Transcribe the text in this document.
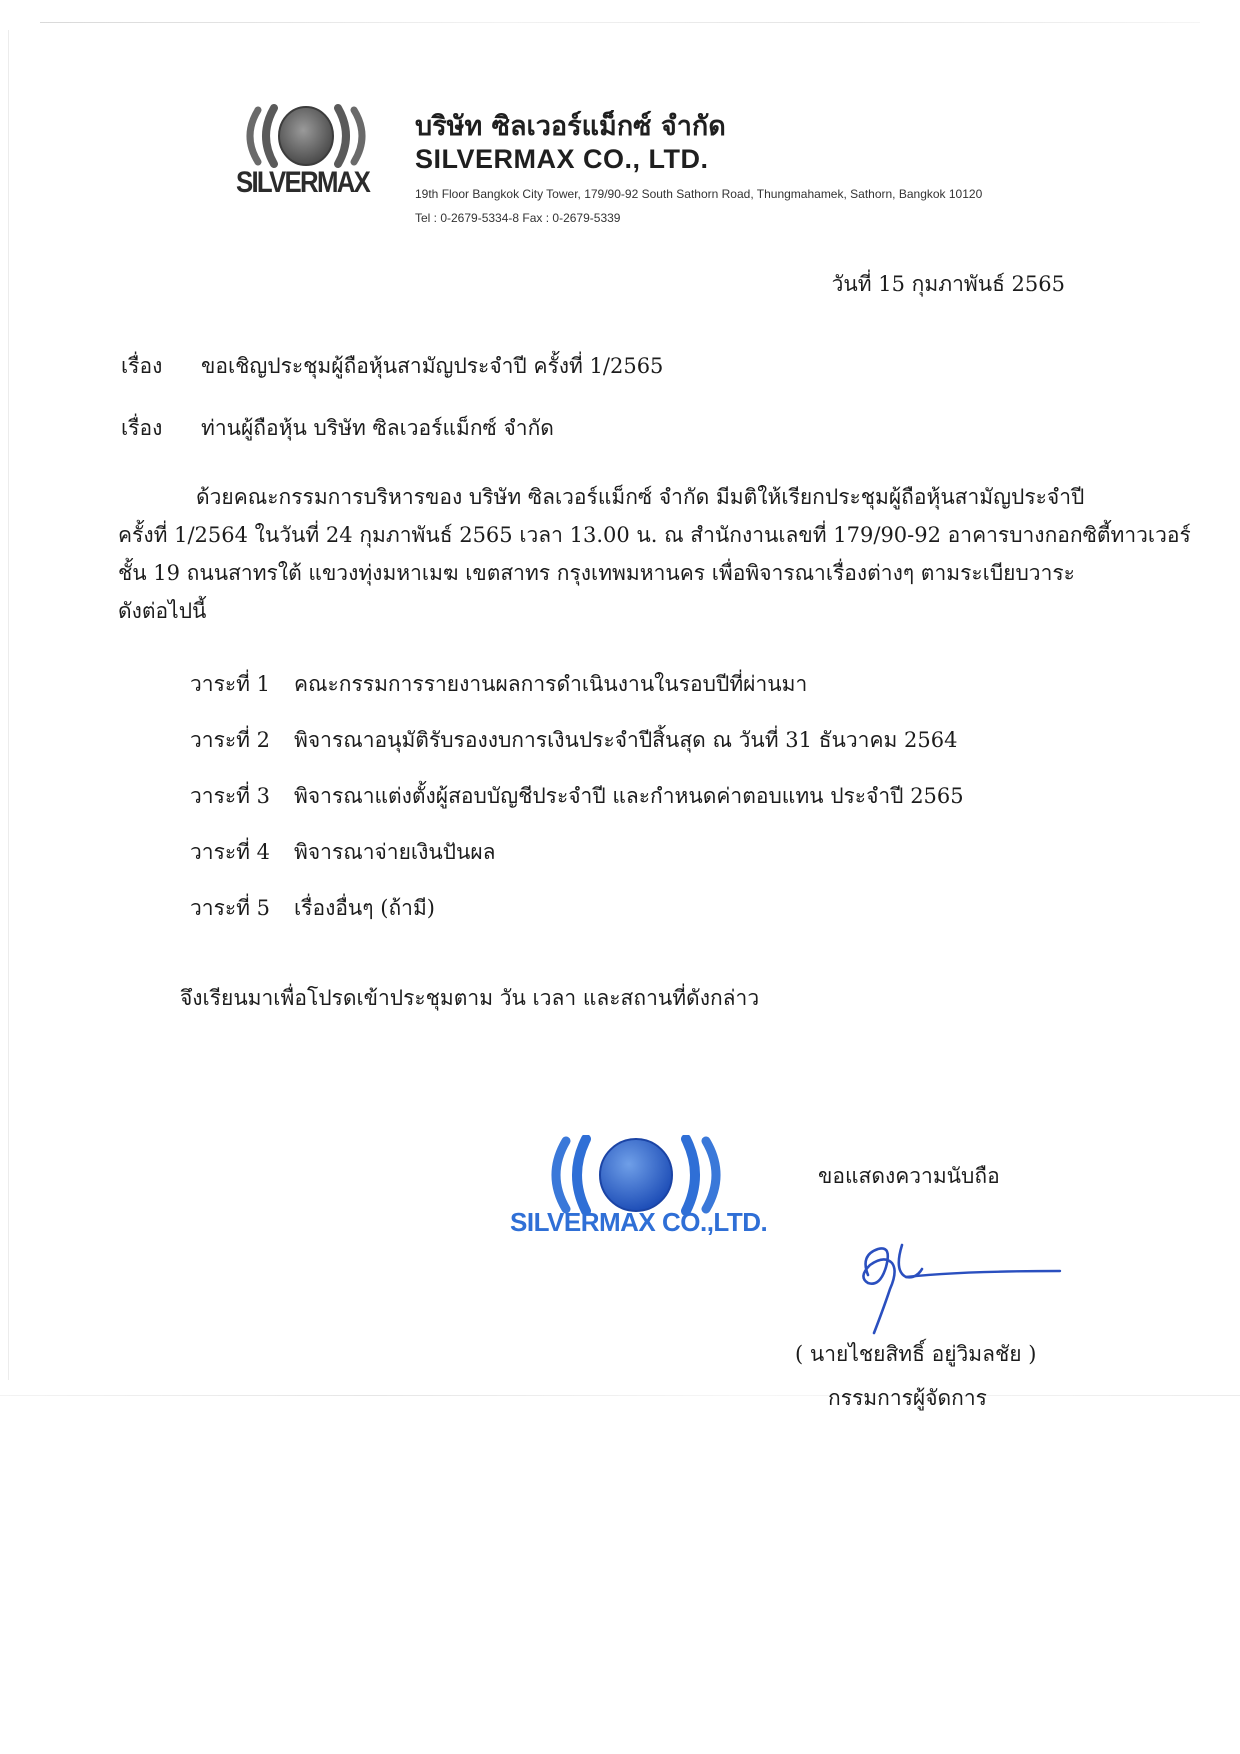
SILVERMAX
บริษัท ซิลเวอร์แม็กซ์ จำกัด
SILVERMAX CO., LTD.
19th Floor Bangkok City Tower, 179/90-92 South Sathorn Road, Thungmahamek, Sathorn, Bangkok 10120
Tel : 0-2679-5334-8 Fax : 0-2679-5339
วันที่ 15 กุมภาพันธ์ 2565
เรื่อง ขอเชิญประชุมผู้ถือหุ้นสามัญประจำปี ครั้งที่ 1/2565
เรื่อง ท่านผู้ถือหุ้น บริษัท ซิลเวอร์แม็กซ์ จำกัด
ด้วยคณะกรรมการบริหารของ บริษัท ซิลเวอร์แม็กซ์ จำกัด มีมติให้เรียกประชุมผู้ถือหุ้นสามัญประจำปี
ครั้งที่ 1/2564 ในวันที่ 24 กุมภาพันธ์ 2565 เวลา 13.00 น. ณ สำนักงานเลขที่ 179/90-92 อาคารบางกอกซิตี้ทาวเวอร์
ชั้น 19 ถนนสาทรใต้ แขวงทุ่งมหาเมฆ เขตสาทร กรุงเทพมหานคร เพื่อพิจารณาเรื่องต่างๆ ตามระเบียบวาระ
ดังต่อไปนี้
วาระที่ 1 คณะกรรมการรายงานผลการดำเนินงานในรอบปีที่ผ่านมา
วาระที่ 2 พิจารณาอนุมัติรับรองงบการเงินประจำปีสิ้นสุด ณ วันที่ 31 ธันวาคม 2564
วาระที่ 3 พิจารณาแต่งตั้งผู้สอบบัญชีประจำปี และกำหนดค่าตอบแทน ประจำปี 2565
วาระที่ 4 พิจารณาจ่ายเงินปันผล
วาระที่ 5 เรื่องอื่นๆ (ถ้ามี)
จึงเรียนมาเพื่อโปรดเข้าประชุมตาม วัน เวลา และสถานที่ดังกล่าว
SILVERMAX CO.,LTD.
ขอแสดงความนับถือ
( นายไชยสิทธิ์ อยู่วิมลชัย )
กรรมการผู้จัดการ
